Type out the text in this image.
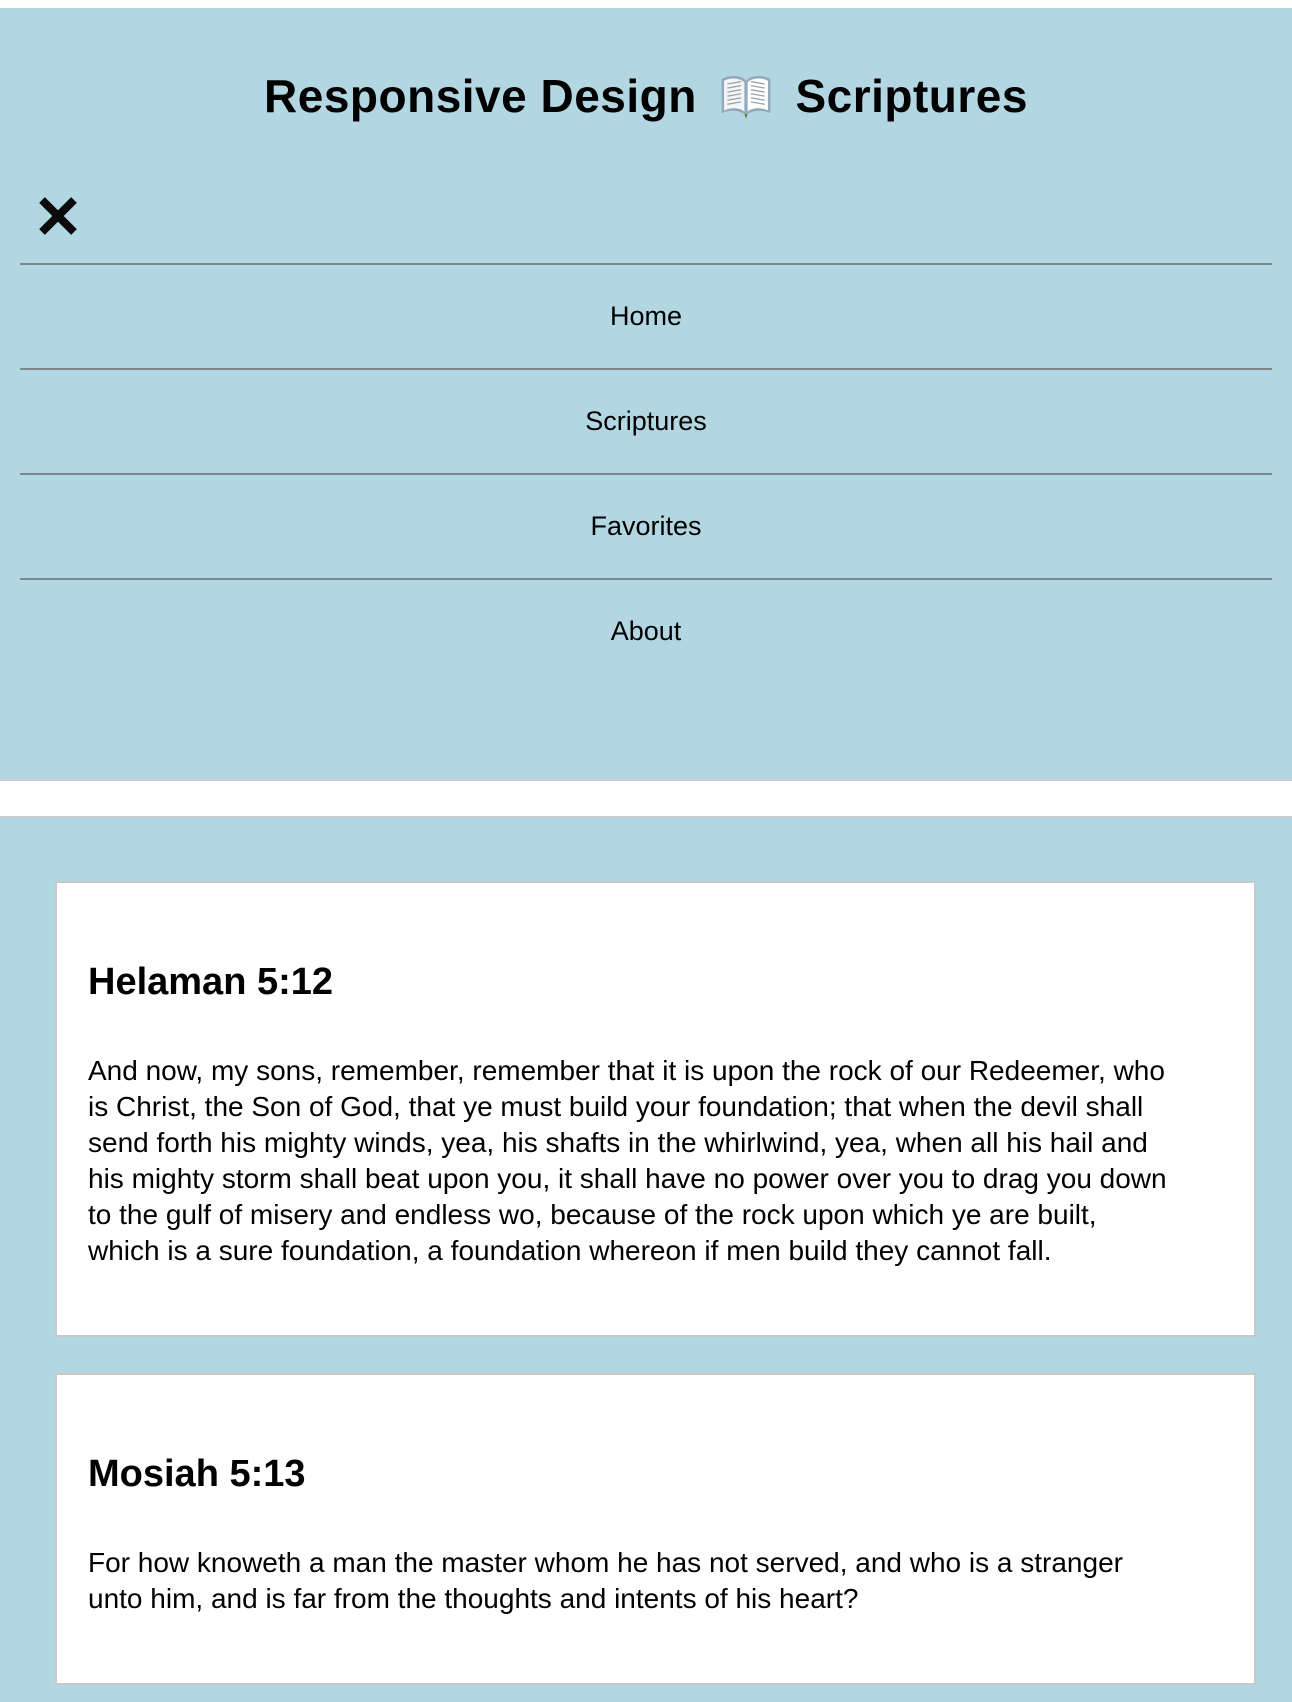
Responsive Design Scriptures
Home
Scriptures
Favorites
About
Helaman 5:12

And now, my sons, remember, remember that it is upon the rock of our Redeemer, who is Christ, the Son of God, that ye must build your foundation; that when the devil shall send forth his mighty winds, yea, his shafts in the whirlwind, yea, when all his hail and his mighty storm shall beat upon you, it shall have no power over you to drag you down to the gulf of misery and endless wo, because of the rock upon which ye are built, which is a sure foundation, a foundation whereon if men build they cannot fall.

Mosiah 5:13

For how knoweth a man the master whom he has not served, and who is a stranger unto him, and is far from the thoughts and intents of his heart?
